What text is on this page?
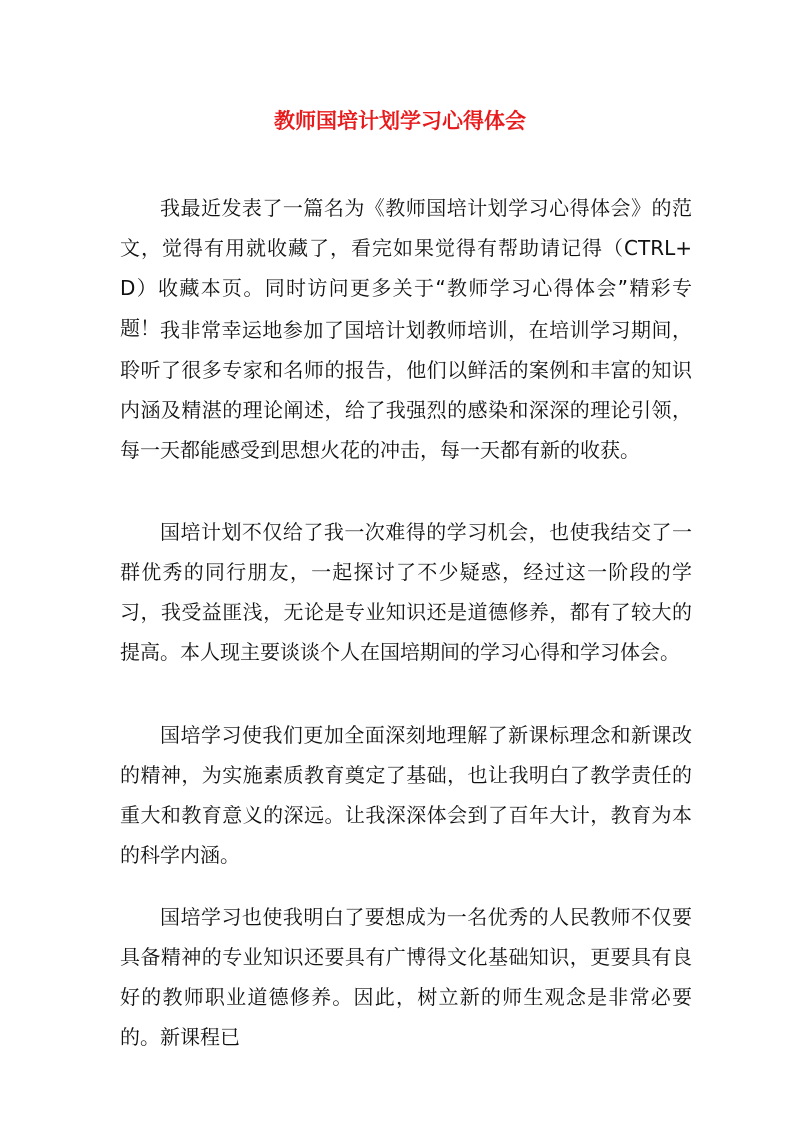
教师国培计划学习心得体会

我最近发表了一篇名为《教师国培计划学习心得体会》的范文，觉得有用就收藏了，看完如果觉得有帮助请记得（CTRL+D）收藏本页。同时访问更多关于“教师学习心得体会”精彩专题！ 我非常幸运地参加了国培计划教师培训，在培训学习期间，聆听了很多专家和名师的报告，他们以鲜活的案例和丰富的知识内涵及精湛的理论阐述，给了我强烈的感染和深深的理论引领，每一天都能感受到思想火花的冲击，每一天都有新的收获。

国培计划不仅给了我一次难得的学习机会，也使我结交了一群优秀的同行朋友，一起探讨了不少疑惑，经过这一阶段的学习，我受益匪浅，无论是专业知识还是道德修养，都有了较大的提高。本人现主要谈谈个人在国培期间的学习心得和学习体会。

国培学习使我们更加全面深刻地理解了新课标理念和新课改的精神，为实施素质教育奠定了基础，也让我明白了教学责任的重大和教育意义的深远。让我深深体会到了百年大计，教育为本的科学内涵。

国培学习也使我明白了要想成为一名优秀的人民教师不仅要具备精神的专业知识还要具有广博得文化基础知识，更要具有良好的教师职业道德修养。因此，树立新的师生观念是非常必要的。新课程已
